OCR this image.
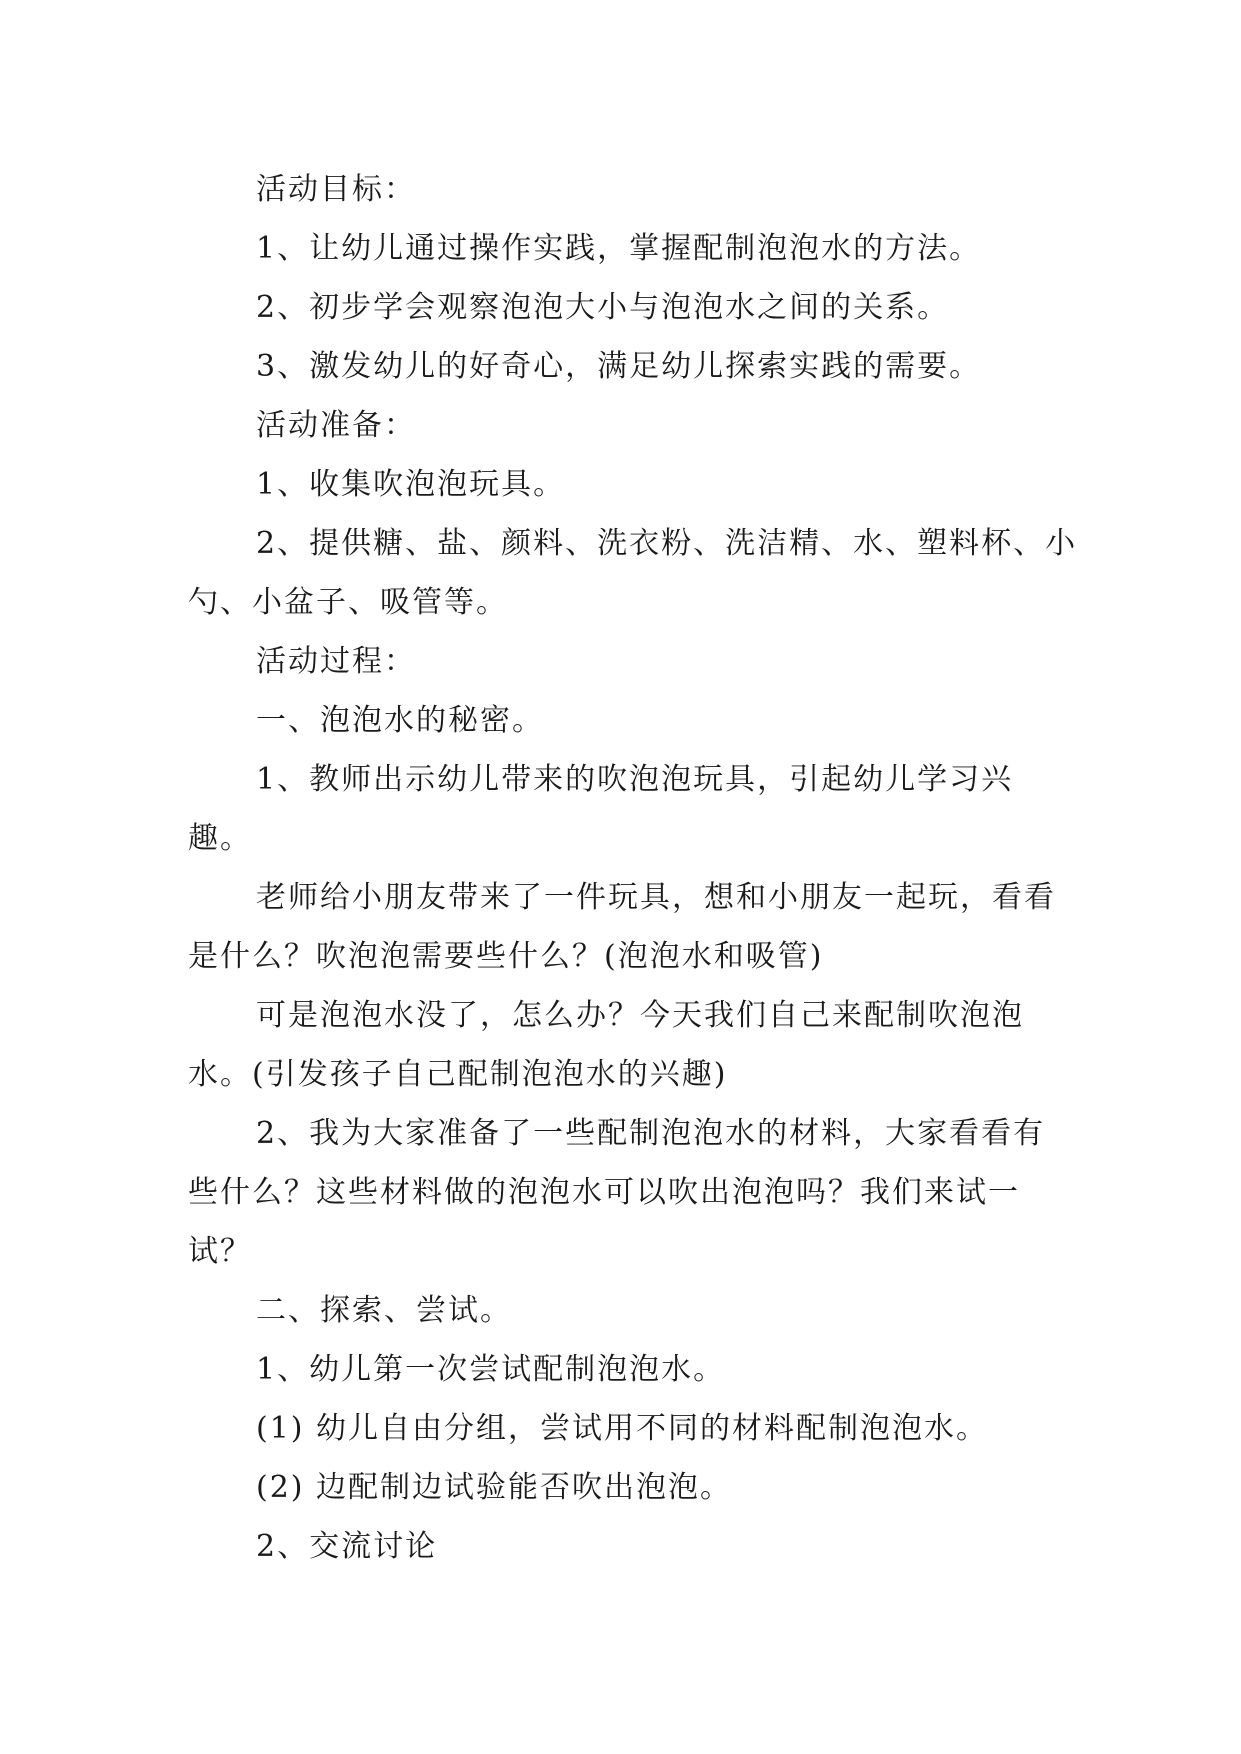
活动目标：

1、让幼儿通过操作实践，掌握配制泡泡水的方法。

2、初步学会观察泡泡大小与泡泡水之间的关系。

3、激发幼儿的好奇心，满足幼儿探索实践的需要。

活动准备：

1、收集吹泡泡玩具。

2、提供糖、盐、颜料、洗衣粉、洗洁精、水、塑料杯、小勺、小盆子、吸管等。

活动过程：

一、泡泡水的秘密。

1、教师出示幼儿带来的吹泡泡玩具，引起幼儿学习兴趣。

老师给小朋友带来了一件玩具，想和小朋友一起玩，看看是什么？吹泡泡需要些什么？(泡泡水和吸管)

可是泡泡水没了，怎么办？今天我们自己来配制吹泡泡水。(引发孩子自己配制泡泡水的兴趣)

2、我为大家准备了一些配制泡泡水的材料，大家看看有些什么？这些材料做的泡泡水可以吹出泡泡吗？我们来试一试？

二、探索、尝试。

1、幼儿第一次尝试配制泡泡水。

(1) 幼儿自由分组，尝试用不同的材料配制泡泡水。

(2) 边配制边试验能否吹出泡泡。

2、交流讨论
